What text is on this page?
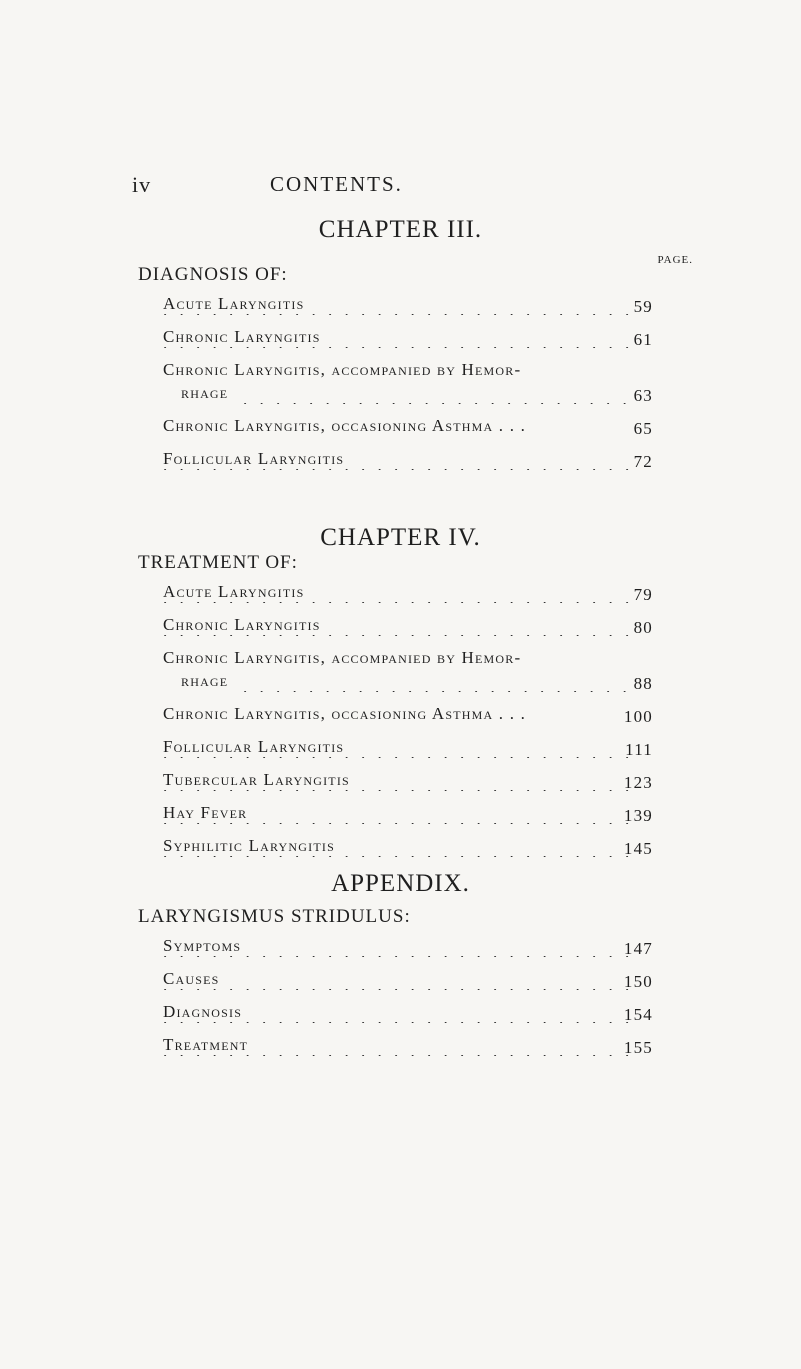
iv	CONTENTS.
CHAPTER III.
PAGE.
DIAGNOSIS OF:
Acute Laryngitis . . .	59
Chronic Laryngitis . . .	61
Chronic Laryngitis, accompanied by Hemor-
rhage . . .	63
Chronic Laryngitis, occasioning Asthma . . .	65
Follicular Laryngitis . . .	72
CHAPTER IV.
TREATMENT OF:
Acute Laryngitis . . .	79
Chronic Laryngitis . . .	80
Chronic Laryngitis, accompanied by Hemor-
rhage . . .	88
Chronic Laryngitis, occasioning Asthma . . .	100
Follicular Laryngitis . . .	111
Tubercular Laryngitis . . .	123
Hay Fever . . .	139
Syphilitic Laryngitis . . .	145
APPENDIX.
LARYNGISMUS STRIDULUS:
Symptoms . . .	147
Causes . . .	150
Diagnosis . . .	154
Treatment . . .	155
